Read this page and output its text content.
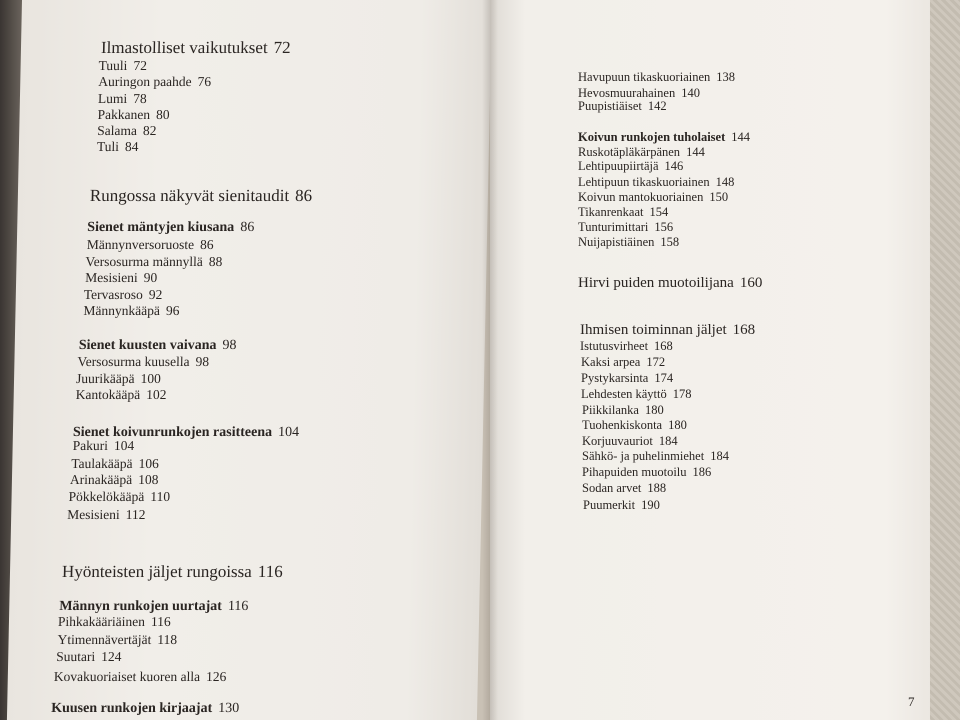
Ilmastolliset vaikutukset 72
Tuuli 72
Auringon paahde 76
Lumi 78
Pakkanen 80
Salama 82
Tuli 84
Rungossa näkyvät sienitaudit 86
Sienet mäntyjen kiusana 86
Männynversoruoste 86
Versosurma männyllä 88
Mesisieni 90
Tervasroso 92
Männynkääpä 96
Sienet kuusten vaivana 98
Versosurma kuusella 98
Juurikääpä 100
Kantokääpä 102
Sienet koivunrunkojen rasitteena 104
Pakuri 104
Taulakääpä 106
Arinakääpä 108
Pökkelökääpä 110
Mesisieni 112
Hyönteisten jäljet rungoissa 116
Männyn runkojen uurtajat 116
Pihkakääriäinen 116
Ytimennävertäjät 118
Suutari 124
Kovakuoriaiset kuoren alla 126
Kuusen runkojen kirjaajat 130	7
Havupuun tikaskuoriainen 138
Hevosmuurahainen 140
Puupistiäiset 142
Koivun runkojen tuholaiset 144
Ruskotäpläkärpänen 144
Lehtipuupiirtäjä 146
Lehtipuun tikaskuoriainen 148
Koivun mantokuoriainen 150
Tikanrenkaat 154
Tunturimittari 156
Nuijapistiäinen 158
Hirvi puiden muotoilijana 160
Ihmisen toiminnan jäljet 168
Istutusvirheet 168
Kaksi arpea 172
Pystykarsinta 174
Lehdesten käyttö 178
Piikkilanka 180
Tuohenkiskonta 180
Korjuuvauriot 184
Sähkö- ja puhelinmiehet 184
Pihapuiden muotoilu 186
Sodan arvet 188
Puumerkit 190
